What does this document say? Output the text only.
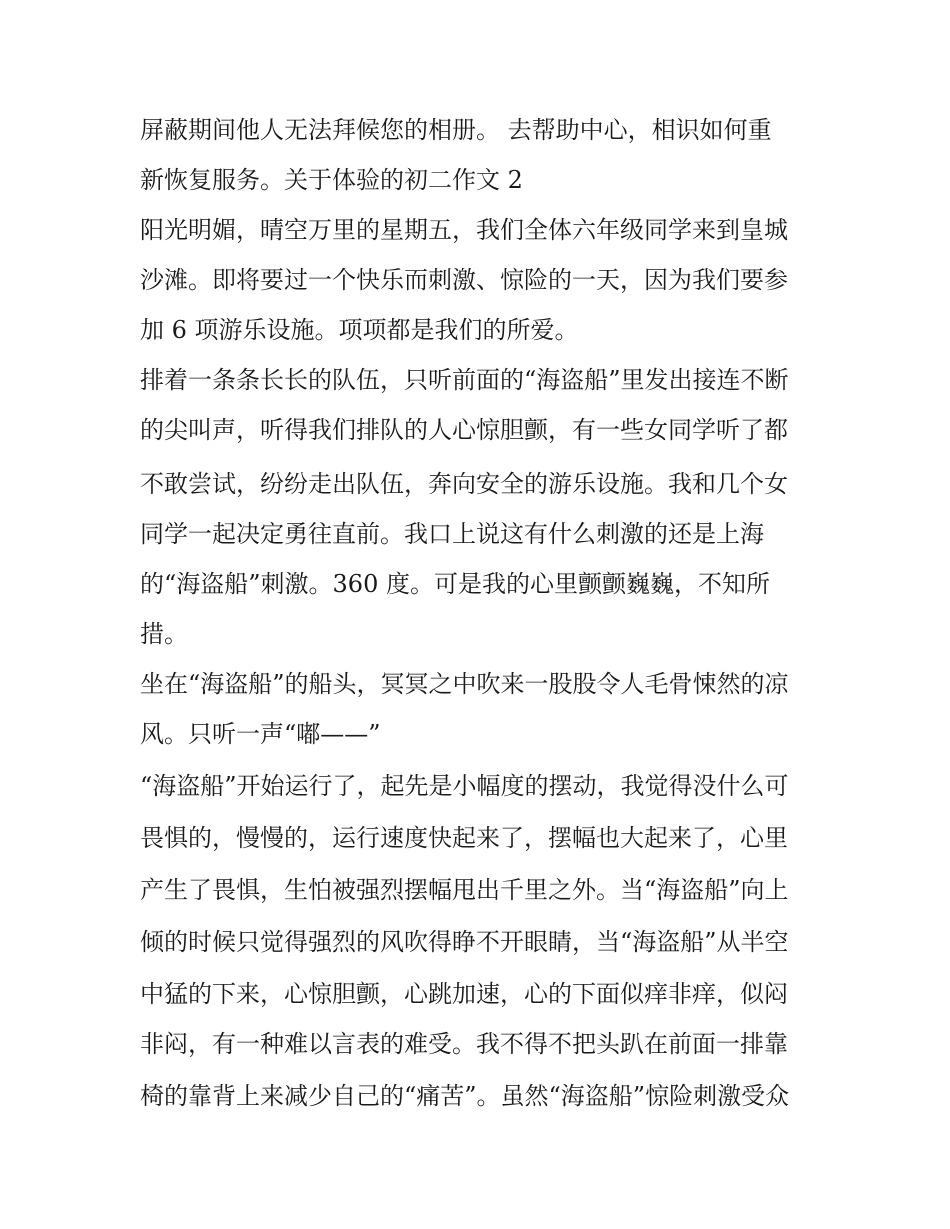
屏蔽期间他人无法拜候您的相册。 去帮助中心，相识如何重
新恢复服务。关于体验的初二作文 2
阳光明媚，晴空万里的星期五，我们全体六年级同学来到皇城
沙滩。即将要过一个快乐而刺激、惊险的一天，因为我们要参
加 6 项游乐设施。项项都是我们的所爱。
排着一条条长长的队伍，只听前面的“海盗船”里发出接连不断
的尖叫声，听得我们排队的人心惊胆颤，有一些女同学听了都
不敢尝试，纷纷走出队伍，奔向安全的游乐设施。我和几个女
同学一起决定勇往直前。我口上说这有什么刺激的还是上海
的“海盗船”刺激。360 度。可是我的心里颤颤巍巍，不知所
措。
坐在“海盗船”的船头，冥冥之中吹来一股股令人毛骨悚然的凉
风。只听一声“嘟——”
“海盗船”开始运行了，起先是小幅度的摆动，我觉得没什么可
畏惧的，慢慢的，运行速度快起来了，摆幅也大起来了，心里
产生了畏惧，生怕被强烈摆幅甩出千里之外。当“海盗船”向上
倾的时候只觉得强烈的风吹得睁不开眼睛，当“海盗船”从半空
中猛的下来，心惊胆颤，心跳加速，心的下面似痒非痒，似闷
非闷，有一种难以言表的难受。我不得不把头趴在前面一排靠
椅的靠背上来减少自己的“痛苦”。虽然“海盗船”惊险刺激受众
